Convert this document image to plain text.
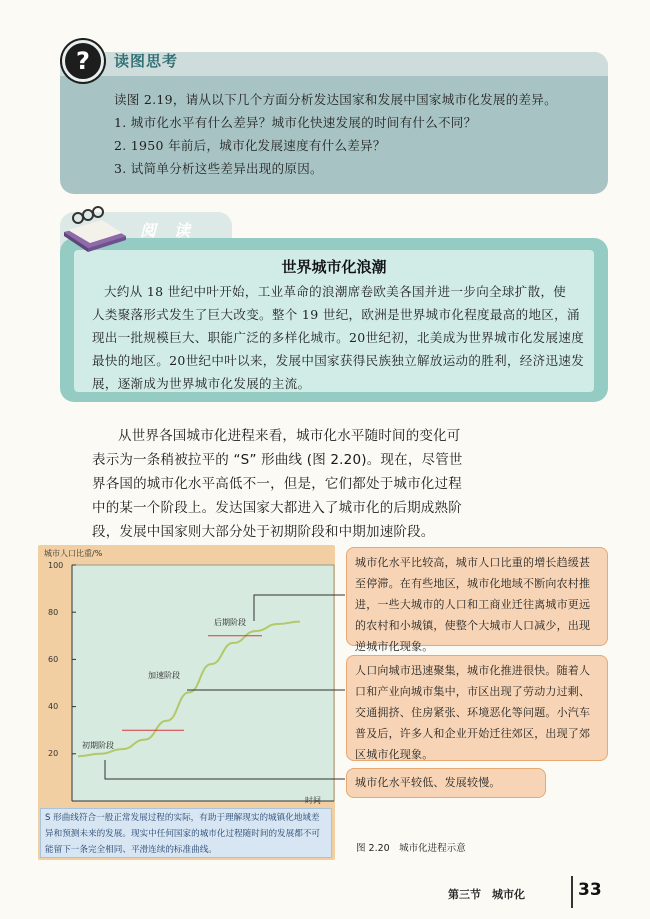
?	读图思考
读图 2.19，请从以下几个方面分析发达国家和发展中国家城市化发展的差异。
1. 城市化水平有什么差异？城市化快速发展的时间有什么不同？
2. 1950 年前后，城市化发展速度有什么差异？
3. 试简单分析这些差异出现的原因。
阅读
世界城市化浪潮
大约从 18 世纪中叶开始，工业革命的浪潮席卷欧美各国并进一步向全球扩散，使
人类聚落形式发生了巨大改变。整个 19 世纪，欧洲是世界城市化程度最高的地区，涌
现出一批规模巨大、职能广泛的多样化城市。20世纪初，北美成为世界城市化发展速度
最快的地区。20世纪中叶以来，发展中国家获得民族独立解放运动的胜利，经济迅速发
展，逐渐成为世界城市化发展的主流。
从世界各国城市化进程来看，城市化水平随时间的变化可
表示为一条稍被拉平的 “S” 形曲线 (图 2.20)。现在，尽管世
界各国的城市化水平高低不一，但是，它们都处于城市化过程
中的某一个阶段上。发达国家大都进入了城市化的后期成熟阶
段，发展中国家则大部分处于初期阶段和中期加速阶段。
城市人口比重/%
100
80
60
40
20
时间
初期阶段
加速阶段
后期阶段
S 形曲线符合一般正常发展过程的实际，有助于理解现实的城镇化地域差异和预测未来的发展。现实中任何国家的城市化过程随时间的发展都不可能留下一条完全相同、平滑连续的标准曲线。	图 2.20　城市化进程示意
城市化水平比较高，城市人口比重的增长趋缓甚至停滞。在有些地区，城市化地域不断向农村推进，一些大城市的人口和工商业迁往离城市更远的农村和小城镇，使整个大城市人口减少，出现逆城市化现象。
人口向城市迅速聚集，城市化推进很快。随着人口和产业向城市集中，市区出现了劳动力过剩、交通拥挤、住房紧张、环境恶化等问题。小汽车普及后，许多人和企业开始迁往郊区，出现了郊区城市化现象。
城市化水平较低、发展较慢。
第三节　城市化	33
